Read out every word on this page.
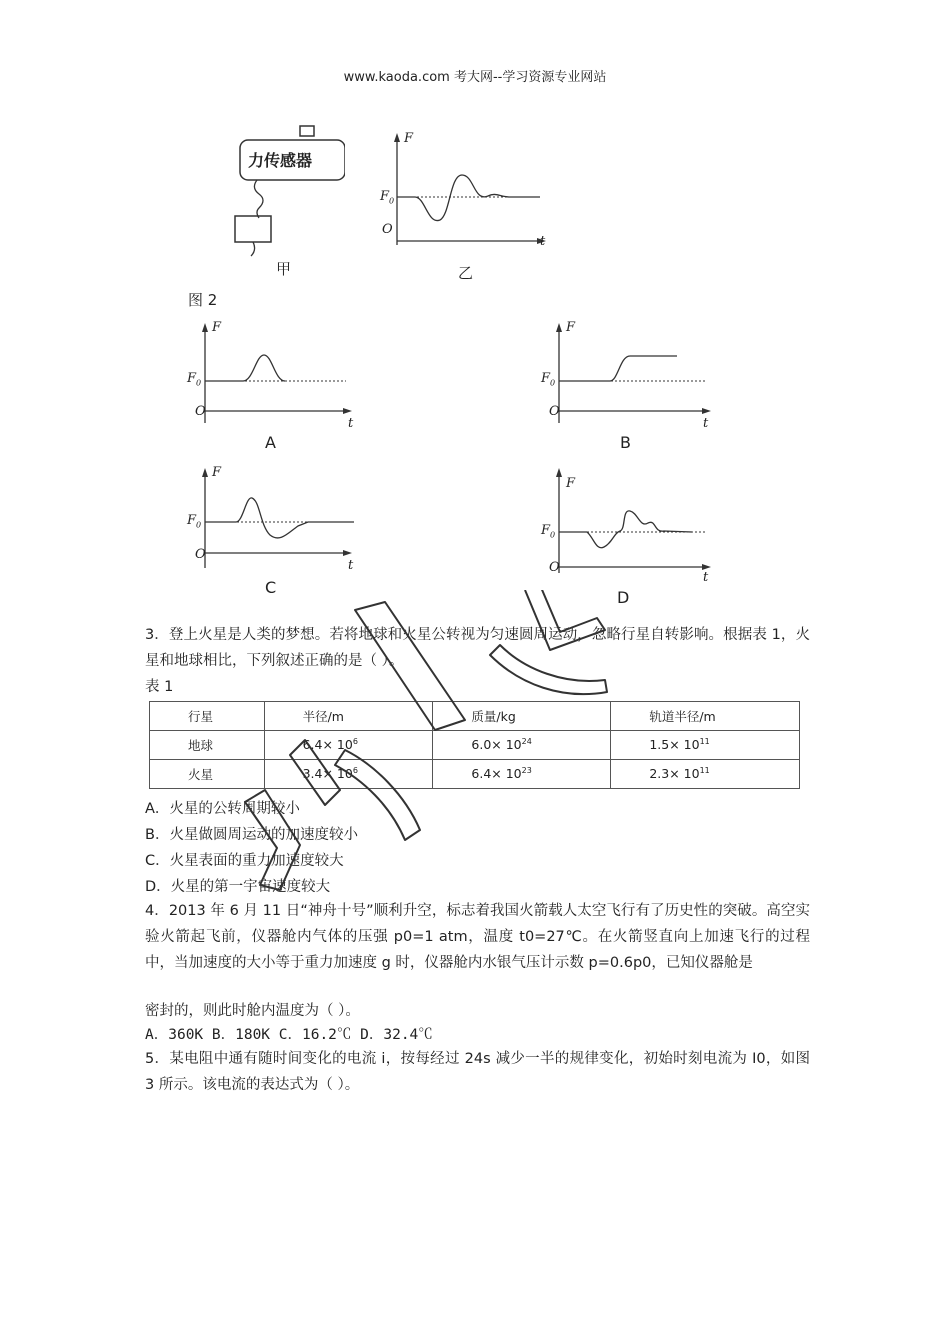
www.kaoda.com 考大网--学习资源专业网站
力传感器
甲
F
$F_0$
O
t
乙
图 2
A	B
C
D
F	F
F
F
O	O
O
O
$F_0$	$F_0$
$F_0$	$F_0$
t	t
t
t
3．登上火星是人类的梦想。若将地球和火星公转视为匀速圆周运动，忽略行星自转影响。根据表 1，火星和地球相比，下列叙述正确的是（ ）。
表 1
行星	半径/m	质量/kg	轨道半径/m
地球	$6.4\times 10^6$	$6.0\times 10^{24}$	$1.5\times 10^{11}$
火星	$3.4\times 10^6$	$6.4\times 10^{23}$	$2.3\times 10^{11}$
A．火星的公转周期较小
B．火星做圆周运动的加速度较小
C．火星表面的重力加速度较大
D．火星的第一宇宙速度较大
4．2013 年 6 月 11 日“神舟十号”顺利升空，标志着我国火箭载人太空飞行有了历史性的突破。高空实验火箭起飞前，仪器舱内气体的压强 p0=1 atm，温度 t0=27℃。在火箭竖直向上加速飞行的过程中，当加速度的大小等于重力加速度 g 时，仪器舱内水银气压计示数 p=0.6p0，已知仪器舱是
密封的，则此时舱内温度为（ ）。
A．360K B．180K C．16.2℃ D．32.4℃
5．某电阻中通有随时间变化的电流 i，按每经过 24s 减少一半的规律变化，初始时刻电流为 I0，如图 3 所示。该电流的表达式为（ ）。
